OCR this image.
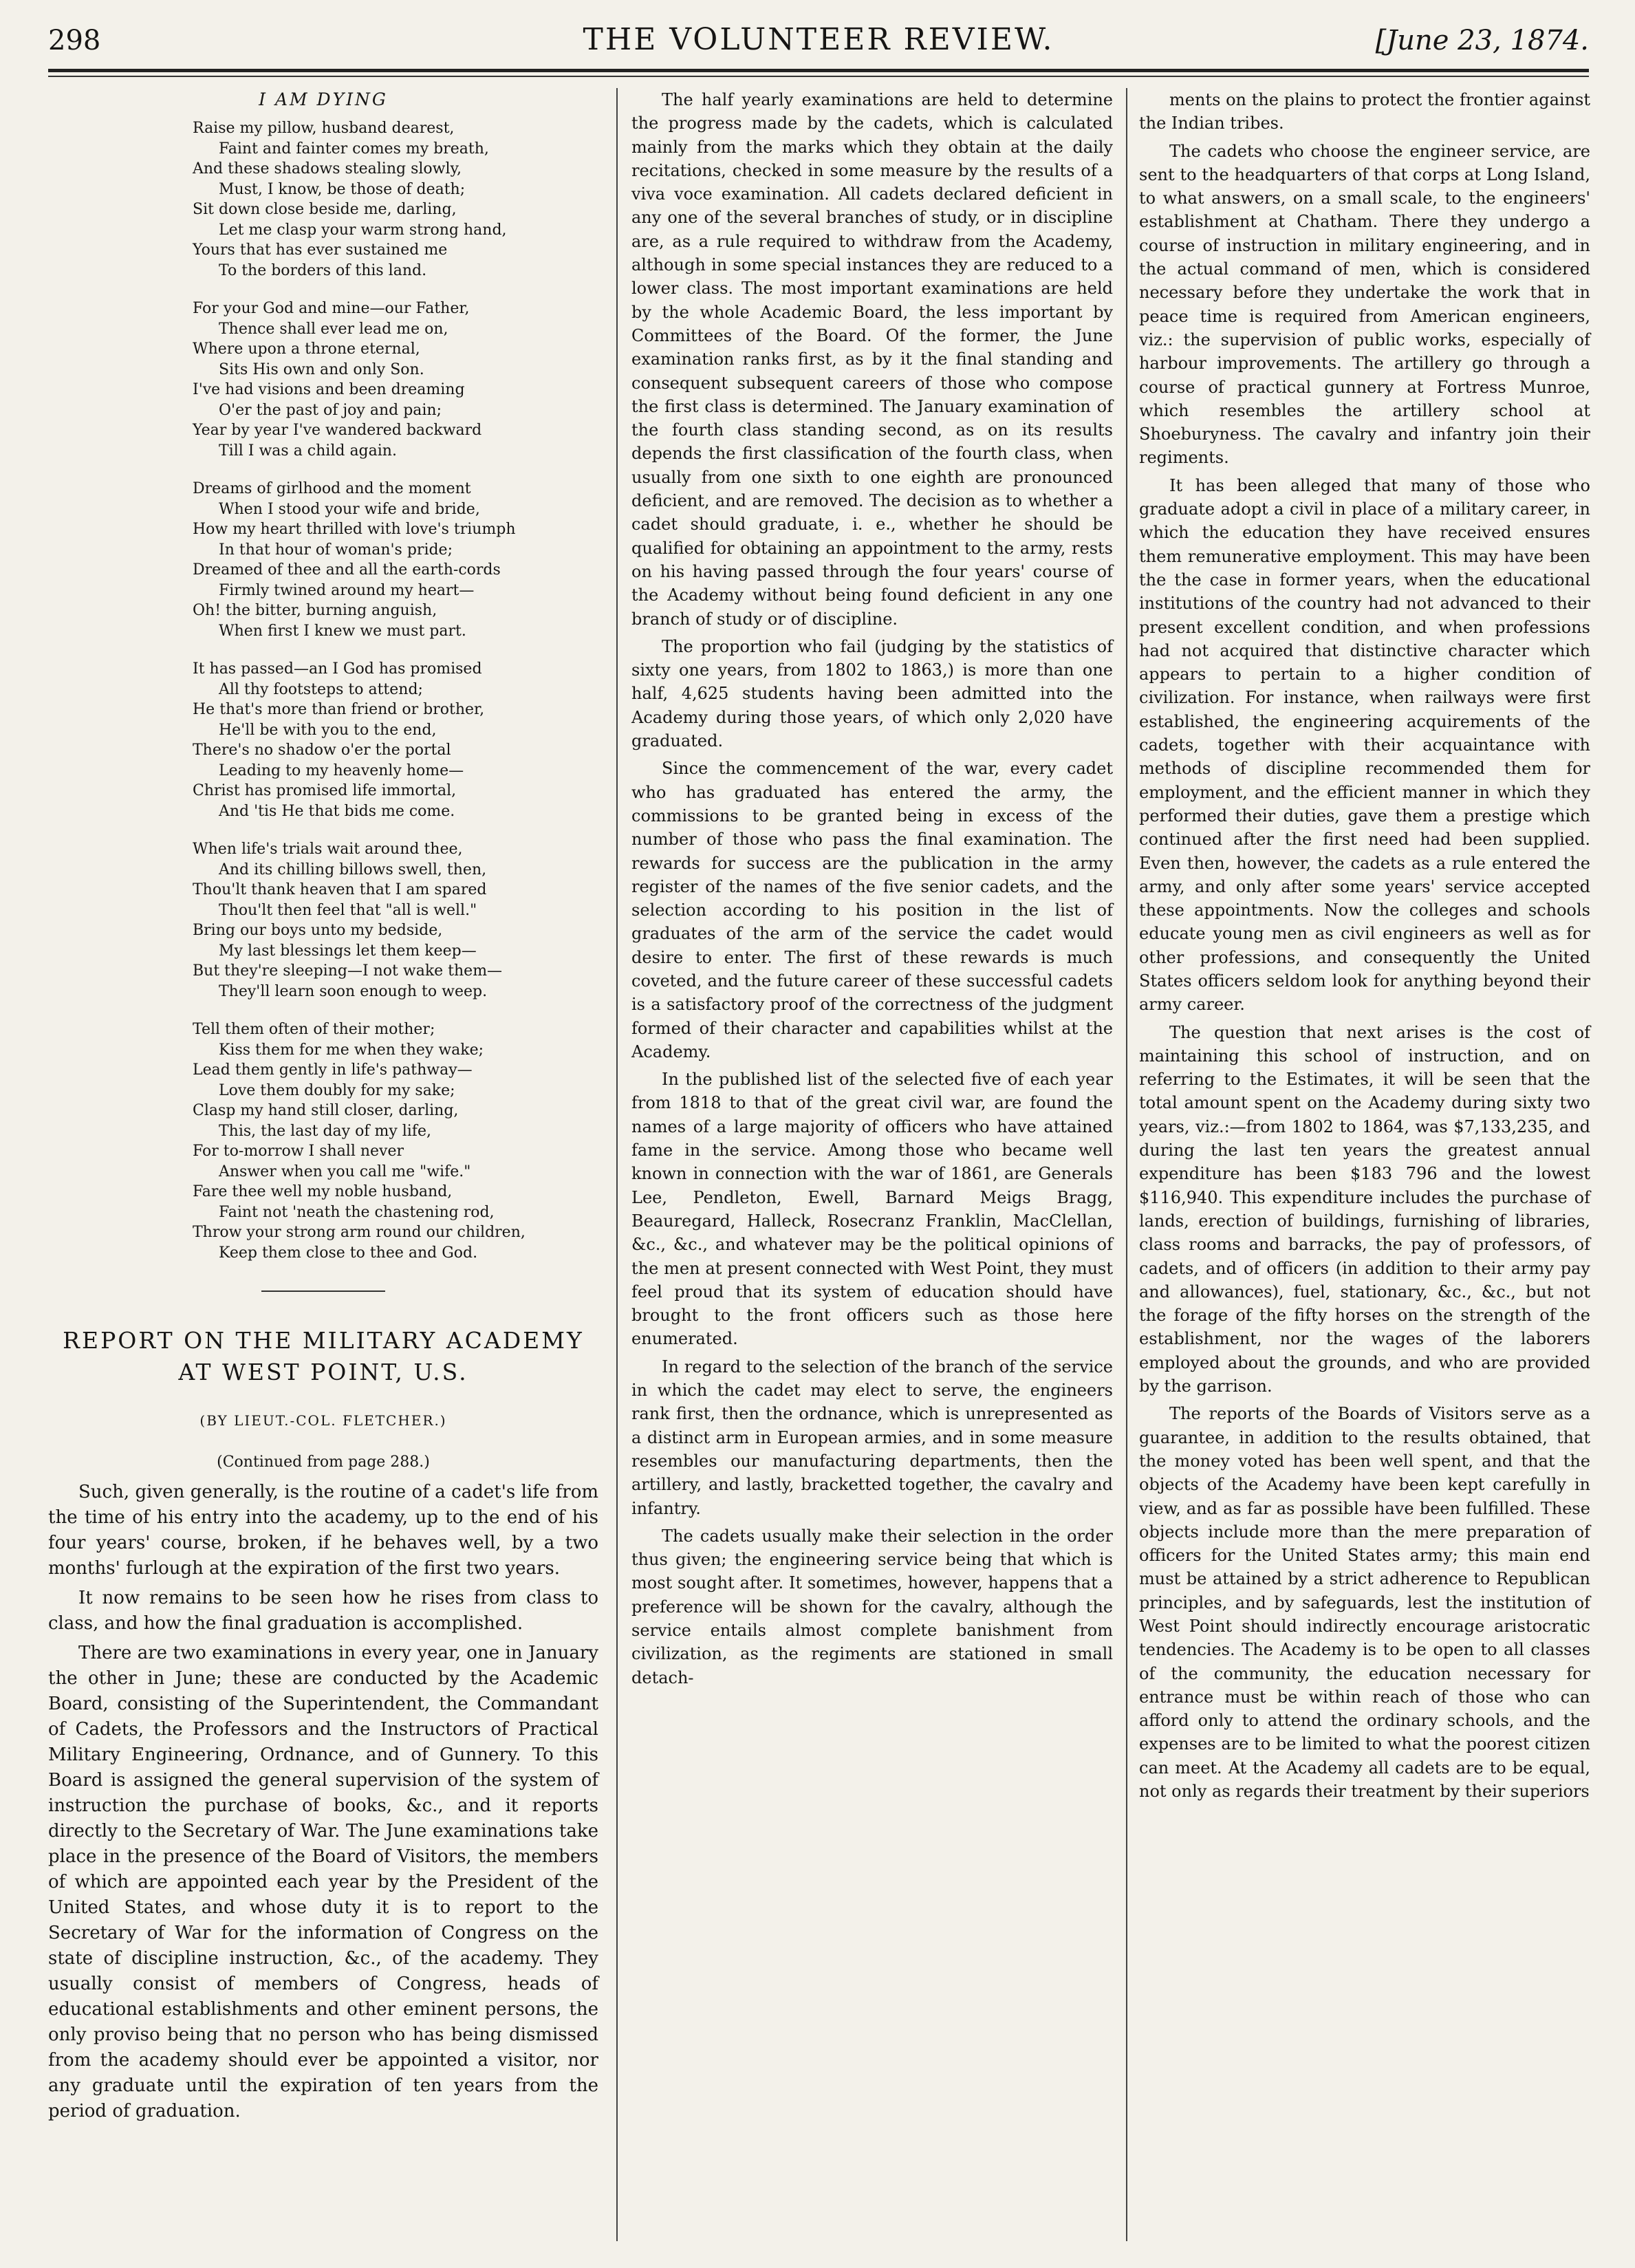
298	THE VOLUNTEER REVIEW.	[June 23, 1874.
I AM DYING
Raise my pillow, husband dearest,
Faint and fainter comes my breath,
And these shadows stealing slowly,
Must, I know, be those of death;
Sit down close beside me, darling,
Let me clasp your warm strong hand,
Yours that has ever sustained me
To the borders of this land.
For your God and mine—our Father,
Thence shall ever lead me on,
Where upon a throne eternal,
Sits His own and only Son.
I've had visions and been dreaming
O'er the past of joy and pain;
Year by year I've wandered backward
Till I was a child again.
Dreams of girlhood and the moment
When I stood your wife and bride,
How my heart thrilled with love's triumph
In that hour of woman's pride;
Dreamed of thee and all the earth-cords
Firmly twined around my heart—
Oh! the bitter, burning anguish,
When first I knew we must part.
It has passed—an I God has promised
All thy footsteps to attend;
He that's more than friend or brother,
He'll be with you to the end,
There's no shadow o'er the portal
Leading to my heavenly home—
Christ has promised life immortal,
And 'tis He that bids me come.
When life's trials wait around thee,
And its chilling billows swell, then,
Thou'lt thank heaven that I am spared
Thou'lt then feel that "all is well."
Bring our boys unto my bedside,
My last blessings let them keep—
But they're sleeping—I not wake them—
They'll learn soon enough to weep.
Tell them often of their mother;
Kiss them for me when they wake;
Lead them gently in life's pathway—
Love them doubly for my sake;
Clasp my hand still closer, darling,
This, the last day of my life,
For to-morrow I shall never
Answer when you call me "wife."
Fare thee well my noble husband,
Faint not 'neath the chastening rod,
Throw your strong arm round our children,
Keep them close to thee and God.
REPORT ON THE MILITARY ACADEMY
AT WEST POINT, U.S.
(BY LIEUT.-COL. FLETCHER.)
(Continued from page 288.)

Such, given generally, is the routine of a cadet's life from the time of his entry into the academy, up to the end of his four years' course, broken, if he behaves well, by a two months' furlough at the expiration of the first two years.

It now remains to be seen how he rises from class to class, and how the final graduation is accomplished.

There are two examinations in every year, one in January the other in June; these are conducted by the Academic Board, consisting of the Superintendent, the Commandant of Cadets, the Professors and the Instructors of Practical Military Engineering, Ordnance, and of Gunnery. To this Board is assigned the general supervision of the system of instruction the purchase of books, &c., and it reports directly to the Secretary of War. The June examinations take place in the presence of the Board of Visitors, the members of which are appointed each year by the President of the United States, and whose duty it is to report to the Secretary of War for the information of Congress on the state of discipline instruction, &c., of the academy. They usually consist of members of Congress, heads of educational establishments and other eminent persons, the only proviso being that no person who has being dismissed from the academy should ever be appointed a visitor, nor any graduate until the expiration of ten years from the period of graduation.

The half yearly examinations are held to determine the progress made by the cadets, which is calculated mainly from the marks which they obtain at the daily recitations, checked in some measure by the results of a viva voce examination. All cadets declared deficient in any one of the several branches of study, or in discipline are, as a rule required to withdraw from the Academy, although in some special instances they are reduced to a lower class. The most important examinations are held by the whole Academic Board, the less important by Committees of the Board. Of the former, the June examination ranks first, as by it the final standing and consequent subsequent careers of those who compose the first class is determined. The January examination of the fourth class standing second, as on its results depends the first classification of the fourth class, when usually from one sixth to one eighth are pronounced deficient, and are removed. The decision as to whether a cadet should graduate, i. e., whether he should be qualified for obtaining an appointment to the army, rests on his having passed through the four years' course of the Academy without being found deficient in any one branch of study or of discipline.

The proportion who fail (judging by the statistics of sixty one years, from 1802 to 1863,) is more than one half, 4,625 students having been admitted into the Academy during those years, of which only 2,020 have graduated.

Since the commencement of the war, every cadet who has graduated has entered the army, the commissions to be granted being in excess of the number of those who pass the final examination. The rewards for success are the publication in the army register of the names of the five senior cadets, and the selection according to his position in the list of graduates of the arm of the service the cadet would desire to enter. The first of these rewards is much coveted, and the future career of these successful cadets is a satisfactory proof of the correctness of the judgment formed of their character and capabilities whilst at the Academy.

In the published list of the selected five of each year from 1818 to that of the great civil war, are found the names of a large majority of officers who have attained fame in the service. Among those who became well known in connection with the war of 1861, are Generals Lee, Pendleton, Ewell, Barnard Meigs Bragg, Beauregard, Halleck, Rosecranz Franklin, MacClellan, &c., &c., and whatever may be the political opinions of the men at present connected with West Point, they must feel proud that its system of education should have brought to the front officers such as those here enumerated.

In regard to the selection of the branch of the service in which the cadet may elect to serve, the engineers rank first, then the ordnance, which is unrepresented as a distinct arm in European armies, and in some measure resembles our manufacturing departments, then the artillery, and lastly, bracketted together, the cavalry and infantry.

The cadets usually make their selection in the order thus given; the engineering service being that which is most sought after. It sometimes, however, happens that a preference will be shown for the cavalry, although the service entails almost complete banishment from civilization, as the regiments are stationed in small detach-

ments on the plains to protect the frontier against the Indian tribes.

The cadets who choose the engineer service, are sent to the headquarters of that corps at Long Island, to what answers, on a small scale, to the engineers' establishment at Chatham. There they undergo a course of instruction in military engineering, and in the actual command of men, which is considered necessary before they undertake the work that in peace time is required from American engineers, viz.: the supervision of public works, especially of harbour improvements. The artillery go through a course of practical gunnery at Fortress Munroe, which resembles the artillery school at Shoeburyness. The cavalry and infantry join their regiments.

It has been alleged that many of those who graduate adopt a civil in place of a military career, in which the education they have received ensures them remunerative employment. This may have been the the case in former years, when the educational institutions of the country had not advanced to their present excellent condition, and when professions had not acquired that distinctive character which appears to pertain to a higher condition of civilization. For instance, when railways were first established, the engineering acquirements of the cadets, together with their acquaintance with methods of discipline recommended them for employment, and the efficient manner in which they performed their duties, gave them a prestige which continued after the first need had been supplied. Even then, however, the cadets as a rule entered the army, and only after some years' service accepted these appointments. Now the colleges and schools educate young men as civil engineers as well as for other professions, and consequently the United States officers seldom look for anything beyond their army career.

The question that next arises is the cost of maintaining this school of instruction, and on referring to the Estimates, it will be seen that the total amount spent on the Academy during sixty two years, viz.:—from 1802 to 1864, was $7,133,235, and during the last ten years the greatest annual expenditure has been $183 796 and the lowest $116,940. This expenditure includes the purchase of lands, erection of buildings, furnishing of libraries, class rooms and barracks, the pay of professors, of cadets, and of officers (in addition to their army pay and allowances), fuel, stationary, &c., &c., but not the forage of the fifty horses on the strength of the establishment, nor the wages of the laborers employed about the grounds, and who are provided by the garrison.

The reports of the Boards of Visitors serve as a guarantee, in addition to the results obtained, that the money voted has been well spent, and that the objects of the Academy have been kept carefully in view, and as far as possible have been fulfilled. These objects include more than the mere preparation of officers for the United States army; this main end must be attained by a strict adherence to Republican principles, and by safeguards, lest the institution of West Point should indirectly encourage aristocratic tendencies. The Academy is to be open to all classes of the community, the education necessary for entrance must be within reach of those who can afford only to attend the ordinary schools, and the expenses are to be limited to what the poorest citizen can meet. At the Academy all cadets are to be equal, not only as regards their treatment by their superiors
